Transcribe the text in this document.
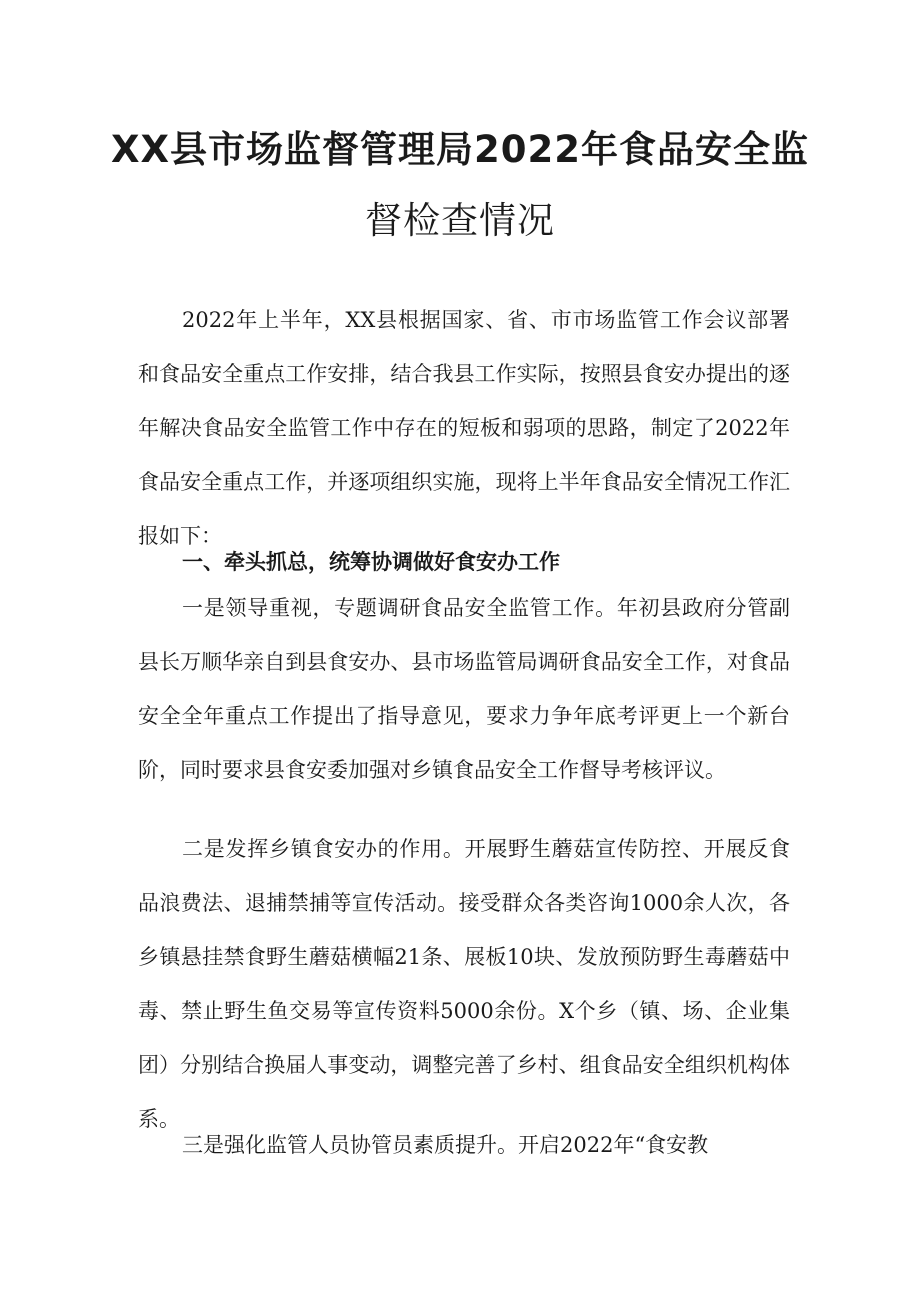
XX县市场监督管理局2022年食品安全监
督检查情况

2022年上半年，XX县根据国家、省、市市场监管工作会议部署和食品安全重点工作安排，结合我县工作实际，按照县食安办提出的逐年解决食品安全监管工作中存在的短板和弱项的思路，制定了2022年食品安全重点工作，并逐项组织实施，现将上半年食品安全情况工作汇报如下：

一、牵头抓总，统筹协调做好食安办工作

一是领导重视，专题调研食品安全监管工作。年初县政府分管副县长万顺华亲自到县食安办、县市场监管局调研食品安全工作，对食品安全全年重点工作提出了指导意见，要求力争年底考评更上一个新台阶，同时要求县食安委加强对乡镇食品安全工作督导考核评议。

二是发挥乡镇食安办的作用。开展野生蘑菇宣传防控、开展反食品浪费法、退捕禁捕等宣传活动。接受群众各类咨询1000余人次，各乡镇悬挂禁食野生蘑菇横幅21条、展板10块、发放预防野生毒蘑菇中毒、禁止野生鱼交易等宣传资料5000余份。X个乡（镇、场、企业集团）分别结合换届人事变动，调整完善了乡村、组食品安全组织机构体系。

三是强化监管人员协管员素质提升。开启2022年“食安教
